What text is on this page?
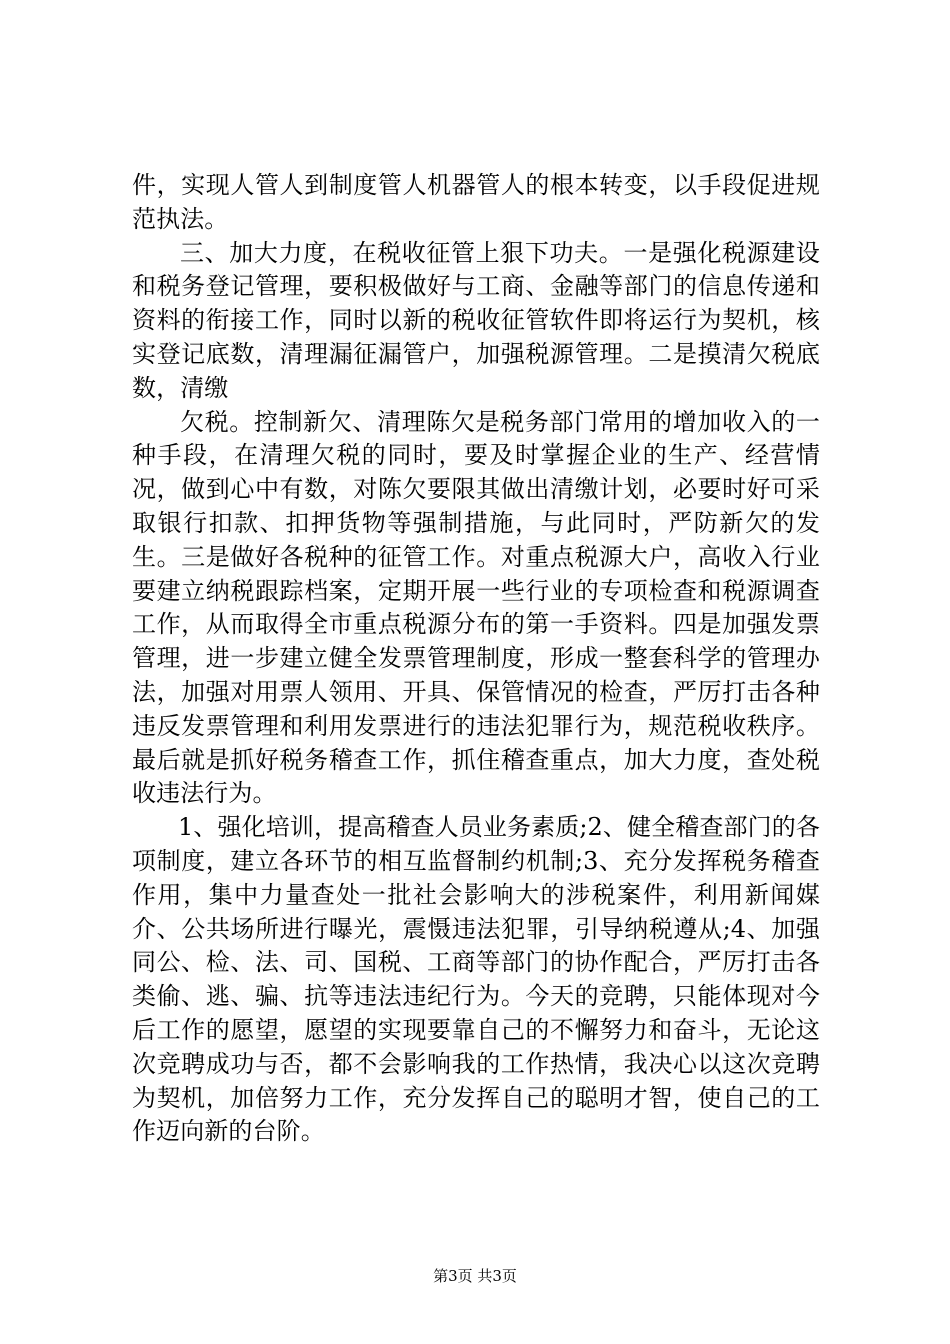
件，实现人管人到制度管人机器管人的根本转变，以手段促进规范执法。

三、加大力度，在税收征管上狠下功夫。一是强化税源建设和税务登记管理，要积极做好与工商、金融等部门的信息传递和资料的衔接工作，同时以新的税收征管软件即将运行为契机，核实登记底数，清理漏征漏管户，加强税源管理。二是摸清欠税底数，清缴

欠税。控制新欠、清理陈欠是税务部门常用的增加收入的一种手段，在清理欠税的同时，要及时掌握企业的生产、经营情况，做到心中有数，对陈欠要限其做出清缴计划，必要时好可采取银行扣款、扣押货物等强制措施，与此同时，严防新欠的发生。三是做好各税种的征管工作。对重点税源大户，高收入行业要建立纳税跟踪档案，定期开展一些行业的专项检查和税源调查工作，从而取得全市重点税源分布的第一手资料。四是加强发票管理，进一步建立健全发票管理制度，形成一整套科学的管理办法，加强对用票人领用、开具、保管情况的检查，严厉打击各种违反发票管理和利用发票进行的违法犯罪行为，规范税收秩序。最后就是抓好税务稽查工作，抓住稽查重点，加大力度，查处税收违法行为。

1、强化培训，提高稽查人员业务素质;2、健全稽查部门的各项制度，建立各环节的相互监督制约机制;3、充分发挥税务稽查作用，集中力量查处一批社会影响大的涉税案件，利用新闻媒介、公共场所进行曝光，震慑违法犯罪，引导纳税遵从;4、加强同公、检、法、司、国税、工商等部门的协作配合，严厉打击各类偷、逃、骗、抗等违法违纪行为。今天的竞聘，只能体现对今后工作的愿望，愿望的实现要靠自己的不懈努力和奋斗，无论这次竞聘成功与否，都不会影响我的工作热情，我决心以这次竞聘为契机，加倍努力工作，充分发挥自己的聪明才智，使自己的工作迈向新的台阶。

第3页 共3页
